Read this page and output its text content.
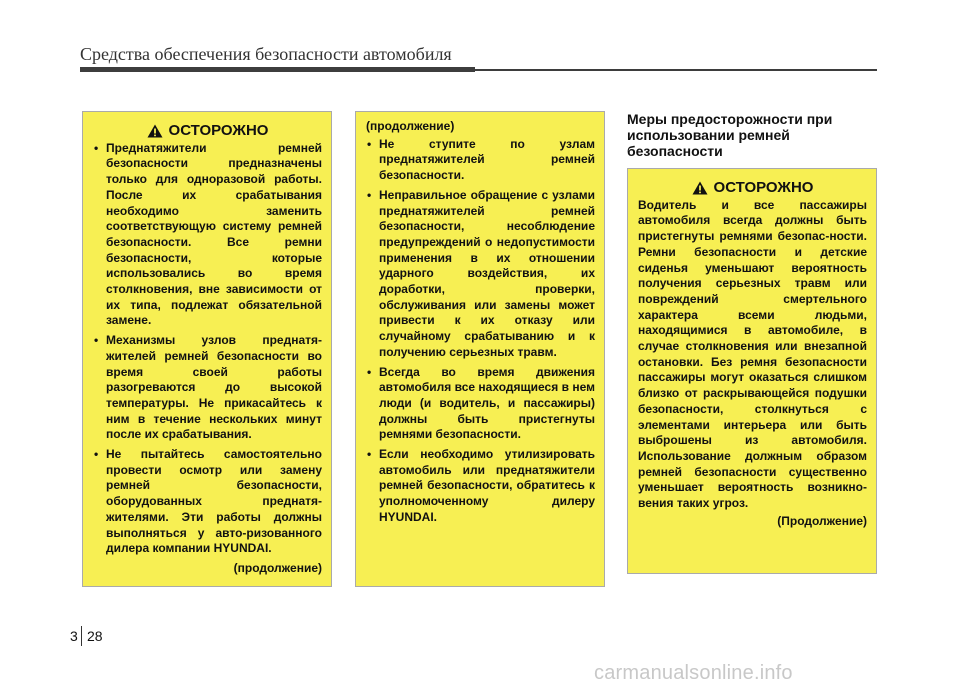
Средства обеспечения безопасности автомобиля
ОСТОРОЖНО
• Преднатяжители ремней безопасности предназначены только для одноразовой работы. После их срабатывания необходимо заменить соответствующую систему ремней безопасности. Все ремни безопасности, которые использовались во время столкновения, вне зависимости от их типа, подлежат обязательной замене.
• Механизмы узлов преднатя-жителей ремней безопасности во время своей работы разогреваются до высокой температуры. Не прикасайтесь к ним в течение нескольких минут после их срабатывания.
• Не пытайтесь самостоятельно провести осмотр или замену ремней безопасности, оборудованных преднатя-жителями. Эти работы должны выполняться у авто-ризованного дилера компании HYUNDAI.
(продолжение)
(продолжение)
• Не ступите по узлам преднатяжителей ремней безопасности.
• Неправильное обращение с узлами преднатяжителей ремней безопасности, несоблюдение предупреждений о недопустимости применения в их отношении ударного воздействия, их доработки, проверки, обслуживания или замены может привести к их отказу или случайному срабатыванию и к получению серьезных травм.
• Всегда во время движения автомобиля все находящиеся в нем люди (и водитель, и пассажиры) должны быть пристегнуты ремнями безопасности.
• Если необходимо утилизировать автомобиль или преднатяжители ремней безопасности, обратитесь к уполномоченному дилеру HYUNDAI.
Меры предосторожности при использовании ремней безопасности
ОСТОРОЖНО
Водитель и все пассажиры автомобиля всегда должны быть пристегнуты ремнями безопас-ности. Ремни безопасности и детские сиденья уменьшают вероятность получения серьезных травм или повреждений смертельного характера всеми людьми, находящимися в автомобиле, в случае столкновения или внезапной остановки. Без ремня безопасности пассажиры могут оказаться слишком близко от раскрывающейся подушки безопасности, столкнуться с элементами интерьера или быть выброшены из автомобиля. Использование должным образом ремней безопасности существенно уменьшает вероятность возникно-вения таких угроз.
(Продолжение)
3 28
carmanualsonline.info
